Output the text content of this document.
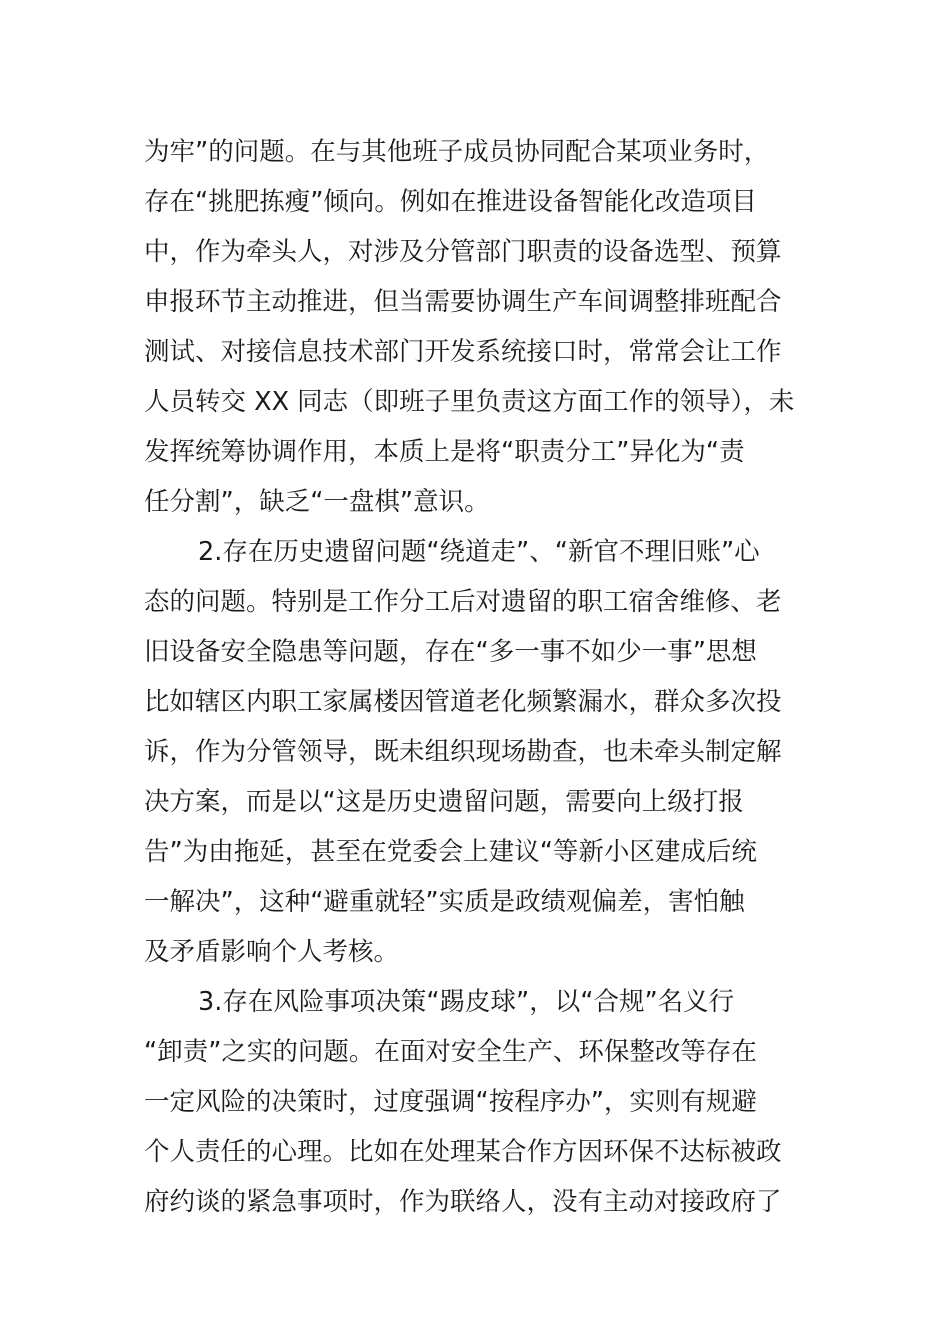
为牢”的问题。在与其他班子成员协同配合某项业务时，
存在“挑肥拣瘦”倾向。例如在推进设备智能化改造项目
中，作为牵头人，对涉及分管部门职责的设备选型、预算
申报环节主动推进，但当需要协调生产车间调整排班配合
测试、对接信息技术部门开发系统接口时，常常会让工作
人员转交 XX 同志（即班子里负责这方面工作的领导），未
发挥统筹协调作用，本质上是将“职责分工”异化为“责
任分割”，缺乏“一盘棋”意识。
2.存在历史遗留问题“绕道走”、“新官不理旧账”心
态的问题。特别是工作分工后对遗留的职工宿舍维修、老
旧设备安全隐患等问题，存在“多一事不如少一事”思想
比如辖区内职工家属楼因管道老化频繁漏水，群众多次投
诉，作为分管领导，既未组织现场勘查，也未牵头制定解
决方案，而是以“这是历史遗留问题，需要向上级打报
告”为由拖延，甚至在党委会上建议“等新小区建成后统
一解决”，这种“避重就轻”实质是政绩观偏差，害怕触
及矛盾影响个人考核。
3.存在风险事项决策“踢皮球”，以“合规”名义行
“卸责”之实的问题。在面对安全生产、环保整改等存在
一定风险的决策时，过度强调“按程序办”，实则有规避
个人责任的心理。比如在处理某合作方因环保不达标被政
府约谈的紧急事项时，作为联络人，没有主动对接政府了
